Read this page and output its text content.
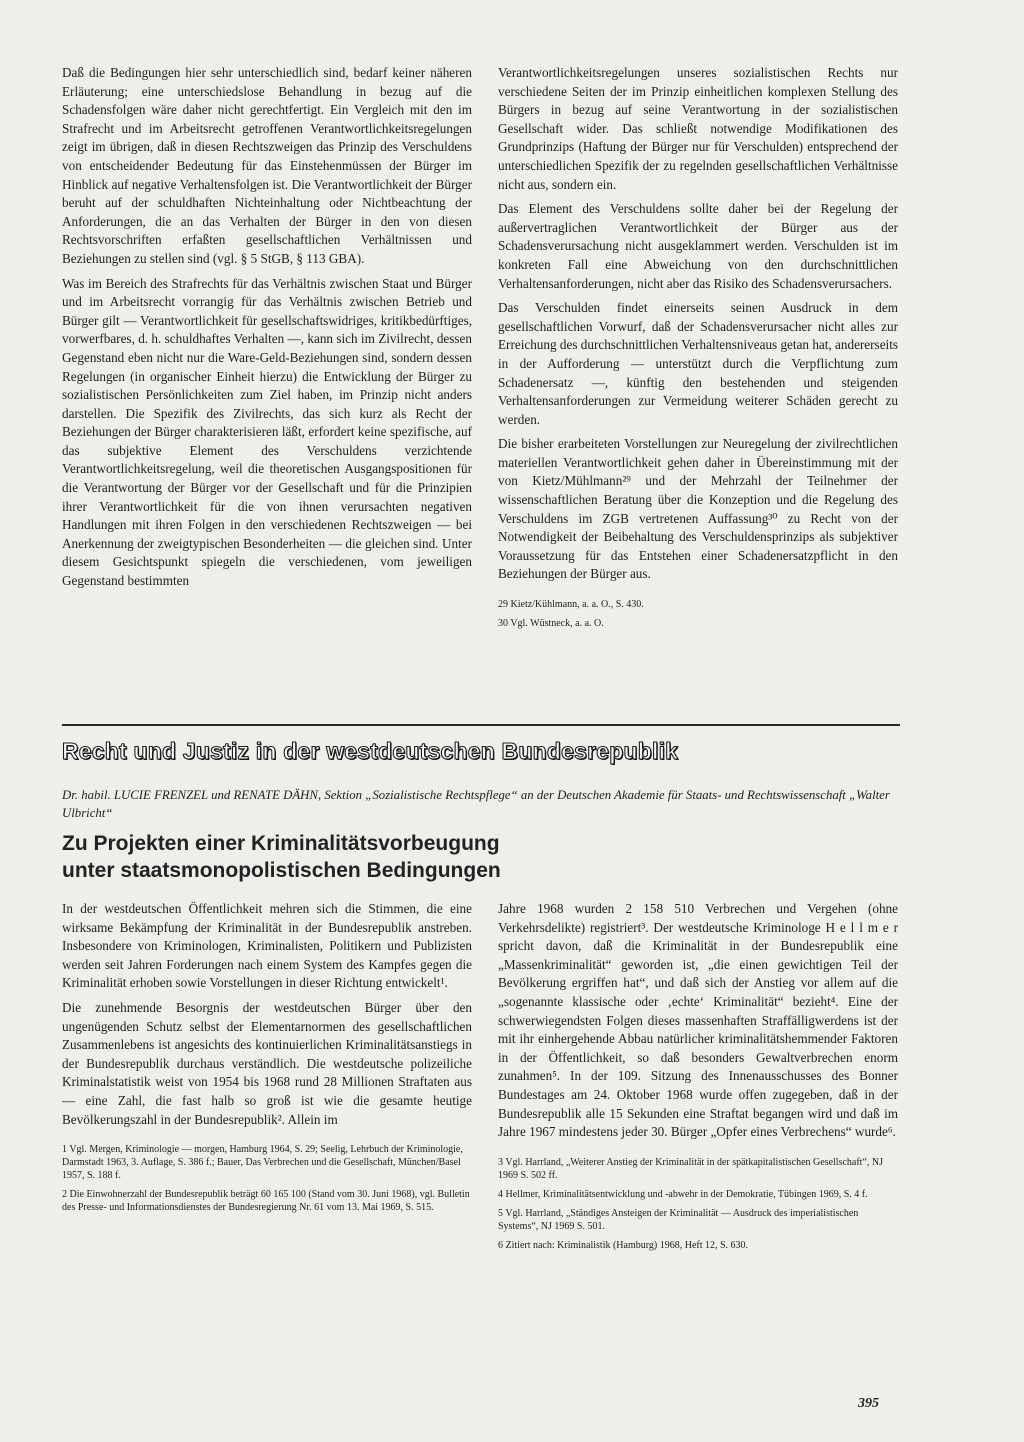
Daß die Bedingungen hier sehr unterschiedlich sind, bedarf keiner näheren Erläuterung; eine unterschiedslose Behandlung in bezug auf die Schadensfolgen wäre daher nicht gerechtfertigt. Ein Vergleich mit den im Strafrecht und im Arbeitsrecht getroffenen Verantwortlichkeitsregelungen zeigt im übrigen, daß in diesen Rechtszweigen das Prinzip des Verschuldens von entscheidender Bedeutung für das Einstehenmüssen der Bürger im Hinblick auf negative Verhaltensfolgen ist. Die Verantwortlichkeit der Bürger beruht auf der schuldhaften Nichteinhaltung oder Nichtbeachtung der Anforderungen, die an das Verhalten der Bürger in den von diesen Rechtsvorschriften erfaßten gesellschaftlichen Verhältnissen und Beziehungen zu stellen sind (vgl. § 5 StGB, § 113 GBA).

Was im Bereich des Strafrechts für das Verhältnis zwischen Staat und Bürger und im Arbeitsrecht vorrangig für das Verhältnis zwischen Betrieb und Bürger gilt — Verantwortlichkeit für gesellschaftswidriges, kritikbedürftiges, vorwerfbares, d. h. schuldhaftes Verhalten —, kann sich im Zivilrecht, dessen Gegenstand eben nicht nur die Ware-Geld-Beziehungen sind, sondern dessen Regelungen (in organischer Einheit hierzu) die Entwicklung der Bürger zu sozialistischen Persönlichkeiten zum Ziel haben, im Prinzip nicht anders darstellen. Die Spezifik des Zivilrechts, das sich kurz als Recht der Beziehungen der Bürger charakterisieren läßt, erfordert keine spezifische, auf das subjektive Element des Verschuldens verzichtende Verantwortlichkeitsregelung, weil die theoretischen Ausgangspositionen für die Verantwortung der Bürger vor der Gesellschaft und für die Prinzipien ihrer Verantwortlichkeit für die von ihnen verursachten negativen Handlungen mit ihren Folgen in den verschiedenen Rechtszweigen — bei Anerkennung der zweigtypischen Besonderheiten — die gleichen sind. Unter diesem Gesichtspunkt spiegeln die verschiedenen, vom jeweiligen Gegenstand bestimmten

Verantwortlichkeitsregelungen unseres sozialistischen Rechts nur verschiedene Seiten der im Prinzip einheitlichen komplexen Stellung des Bürgers in bezug auf seine Verantwortung in der sozialistischen Gesellschaft wider. Das schließt notwendige Modifikationen des Grundprinzips (Haftung der Bürger nur für Verschulden) entsprechend der unterschiedlichen Spezifik der zu regelnden gesellschaftlichen Verhältnisse nicht aus, sondern ein.

Das Element des Verschuldens sollte daher bei der Regelung der außervertraglichen Verantwortlichkeit der Bürger aus der Schadensverursachung nicht ausgeklammert werden. Verschulden ist im konkreten Fall eine Abweichung von den durchschnittlichen Verhaltensanforderungen, nicht aber das Risiko des Schadensverursachers.

Das Verschulden findet einerseits seinen Ausdruck in dem gesellschaftlichen Vorwurf, daß der Schadensverursacher nicht alles zur Erreichung des durchschnittlichen Verhaltensniveaus getan hat, andererseits in der Aufforderung — unterstützt durch die Verpflichtung zum Schadenersatz —, künftig den bestehenden und steigenden Verhaltensanforderungen zur Vermeidung weiterer Schäden gerecht zu werden.

Die bisher erarbeiteten Vorstellungen zur Neuregelung der zivilrechtlichen materiellen Verantwortlichkeit gehen daher in Übereinstimmung mit der von Kietz/Mühlmann²⁹ und der Mehrzahl der Teilnehmer der wissenschaftlichen Beratung über die Konzeption und die Regelung des Verschuldens im ZGB vertretenen Auffassung³⁰ zu Recht von der Notwendigkeit der Beibehaltung des Verschuldensprinzips als subjektiver Voraussetzung für das Entstehen einer Schadenersatzpflicht in den Beziehungen der Bürger aus.

29 Kietz/Kühlmann, a. a. O., S. 430.

30 Vgl. Wüstneck, a. a. O.

Recht und Justiz in der westdeutschen Bundesrepublik
Dr. habil. LUCIE FRENZEL und RENATE DÄHN, Sektion „Sozialistische Rechtspflege“ an der Deutschen Akademie für Staats- und Rechtswissenschaft „Walter Ulbricht“
Zu Projekten einer Kriminalitätsvorbeugung
unter staatsmonopolistischen Bedingungen

In der westdeutschen Öffentlichkeit mehren sich die Stimmen, die eine wirksame Bekämpfung der Kriminalität in der Bundesrepublik anstreben. Insbesondere von Kriminologen, Kriminalisten, Politikern und Publizisten werden seit Jahren Forderungen nach einem System des Kampfes gegen die Kriminalität erhoben sowie Vorstellungen in dieser Richtung entwickelt¹.

Die zunehmende Besorgnis der westdeutschen Bürger über den ungenügenden Schutz selbst der Elementarnormen des gesellschaftlichen Zusammenlebens ist angesichts des kontinuierlichen Kriminalitätsanstiegs in der Bundesrepublik durchaus verständlich. Die westdeutsche polizeiliche Kriminalstatistik weist von 1954 bis 1968 rund 28 Millionen Straftaten aus — eine Zahl, die fast halb so groß ist wie die gesamte heutige Bevölkerungszahl in der Bundesrepublik². Allein im

1 Vgl. Mergen, Kriminologie — morgen, Hamburg 1964, S. 29; Seelig, Lehrbuch der Kriminologie, Darmstadt 1963, 3. Auflage, S. 386 f.; Bauer, Das Verbrechen und die Gesellschaft, München/Basel 1957, S. 188 f.

2 Die Einwohnerzahl der Bundesrepublik beträgt 60 165 100 (Stand vom 30. Juni 1968), vgl. Bulletin des Presse- und Informationsdienstes der Bundesregierung Nr. 61 vom 13. Mai 1969, S. 515.

Jahre 1968 wurden 2 158 510 Verbrechen und Vergehen (ohne Verkehrsdelikte) registriert³. Der westdeutsche Kriminologe H e l l m e r spricht davon, daß die Kriminalität in der Bundesrepublik eine „Massenkriminalität“ geworden ist, „die einen gewichtigen Teil der Bevölkerung ergriffen hat“, und daß sich der Anstieg vor allem auf die „sogenannte klassische oder ‚echte‘ Kriminalität“ bezieht⁴. Eine der schwerwiegendsten Folgen dieses massenhaften Straffälligwerdens ist der mit ihr einhergehende Abbau natürlicher kriminalitätshemmender Faktoren in der Öffentlichkeit, so daß besonders Gewaltverbrechen enorm zunahmen⁵. In der 109. Sitzung des Innenausschusses des Bonner Bundestages am 24. Oktober 1968 wurde offen zugegeben, daß in der Bundesrepublik alle 15 Sekunden eine Straftat begangen wird und daß im Jahre 1967 mindestens jeder 30. Bürger „Opfer eines Verbrechens“ wurde⁶.

3 Vgl. Harrland, „Weiterer Anstieg der Kriminalität in der spätkapitalistischen Gesellschaft“, NJ 1969 S. 502 ff.

4 Hellmer, Kriminalitätsentwicklung und -abwehr in der Demokratie, Tübingen 1969, S. 4 f.

5 Vgl. Harrland, „Ständiges Ansteigen der Kriminalität — Ausdruck des imperialistischen Systems“, NJ 1969 S. 501.

6 Zitiert nach: Kriminalistik (Hamburg) 1968, Heft 12, S. 630.

395
